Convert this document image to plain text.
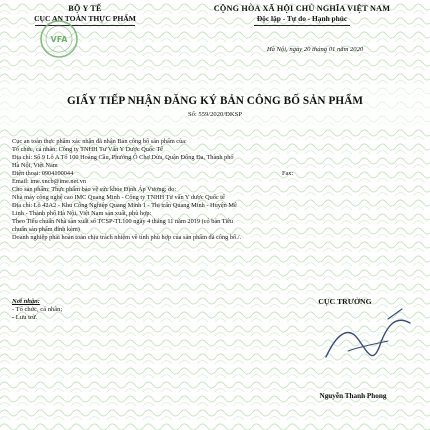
BỘ Y TẾ
CỤC AN TOÀN THỰC PHẨM
VFA
CỘNG HÒA XÃ HỘI CHỦ NGHĨA VIỆT NAM
Độc lập - Tự do - Hạnh phúc
Hà Nội, ngày 20 tháng 01 năm 2020
GIẤY TIẾP NHẬN ĐĂNG KÝ BẢN CÔNG BỐ SẢN PHẨM
Số: 559/2020/ĐKSP
Cục an toàn thực phẩm xác nhận đã nhận Bản công bố sản phẩm của:
Tổ chức, cá nhân: Công ty TNHH Tư Vấn Y Dược Quốc Tế
Địa chỉ: Số 9 Lô A Tổ 100 Hoàng Cầu, Phường Ô Chợ Dừa, Quận Đống Đa, Thành phố
Hà Nội, Việt Nam
Điện thoại: 0904100044	Fax:
Email: ime.xncb@ime.net.vn
Cho sản phẩm: Thực phẩm bảo vệ sức khỏe Định Áp Vương; do:
Nhà máy công nghệ cao IMC Quang Minh - Công ty TNHH Tư vấn Y dược Quốc tế
Địa chỉ: Lô 42A2 - Khu Công Nghiệp Quang Minh 1 - Thị trấn Quang Minh - Huyện Mê
Linh - Thành phố Hà Nội, Việt Nam sản xuất, phù hợp:
Theo Tiêu chuẩn Nhà sản xuất số TCSP-TL100 ngày 4 tháng 11 năm 2019 (có bản Tiêu
chuẩn sản phẩm đính kèm)
Doanh nghiệp phải hoàn toàn chịu trách nhiệm về tính phù hợp của sản phẩm đã công bố./.
Nơi nhận:
- Tổ chức, cá nhân;
- Lưu trữ.
CỤC TRƯỞNG
Nguyễn Thanh Phong
